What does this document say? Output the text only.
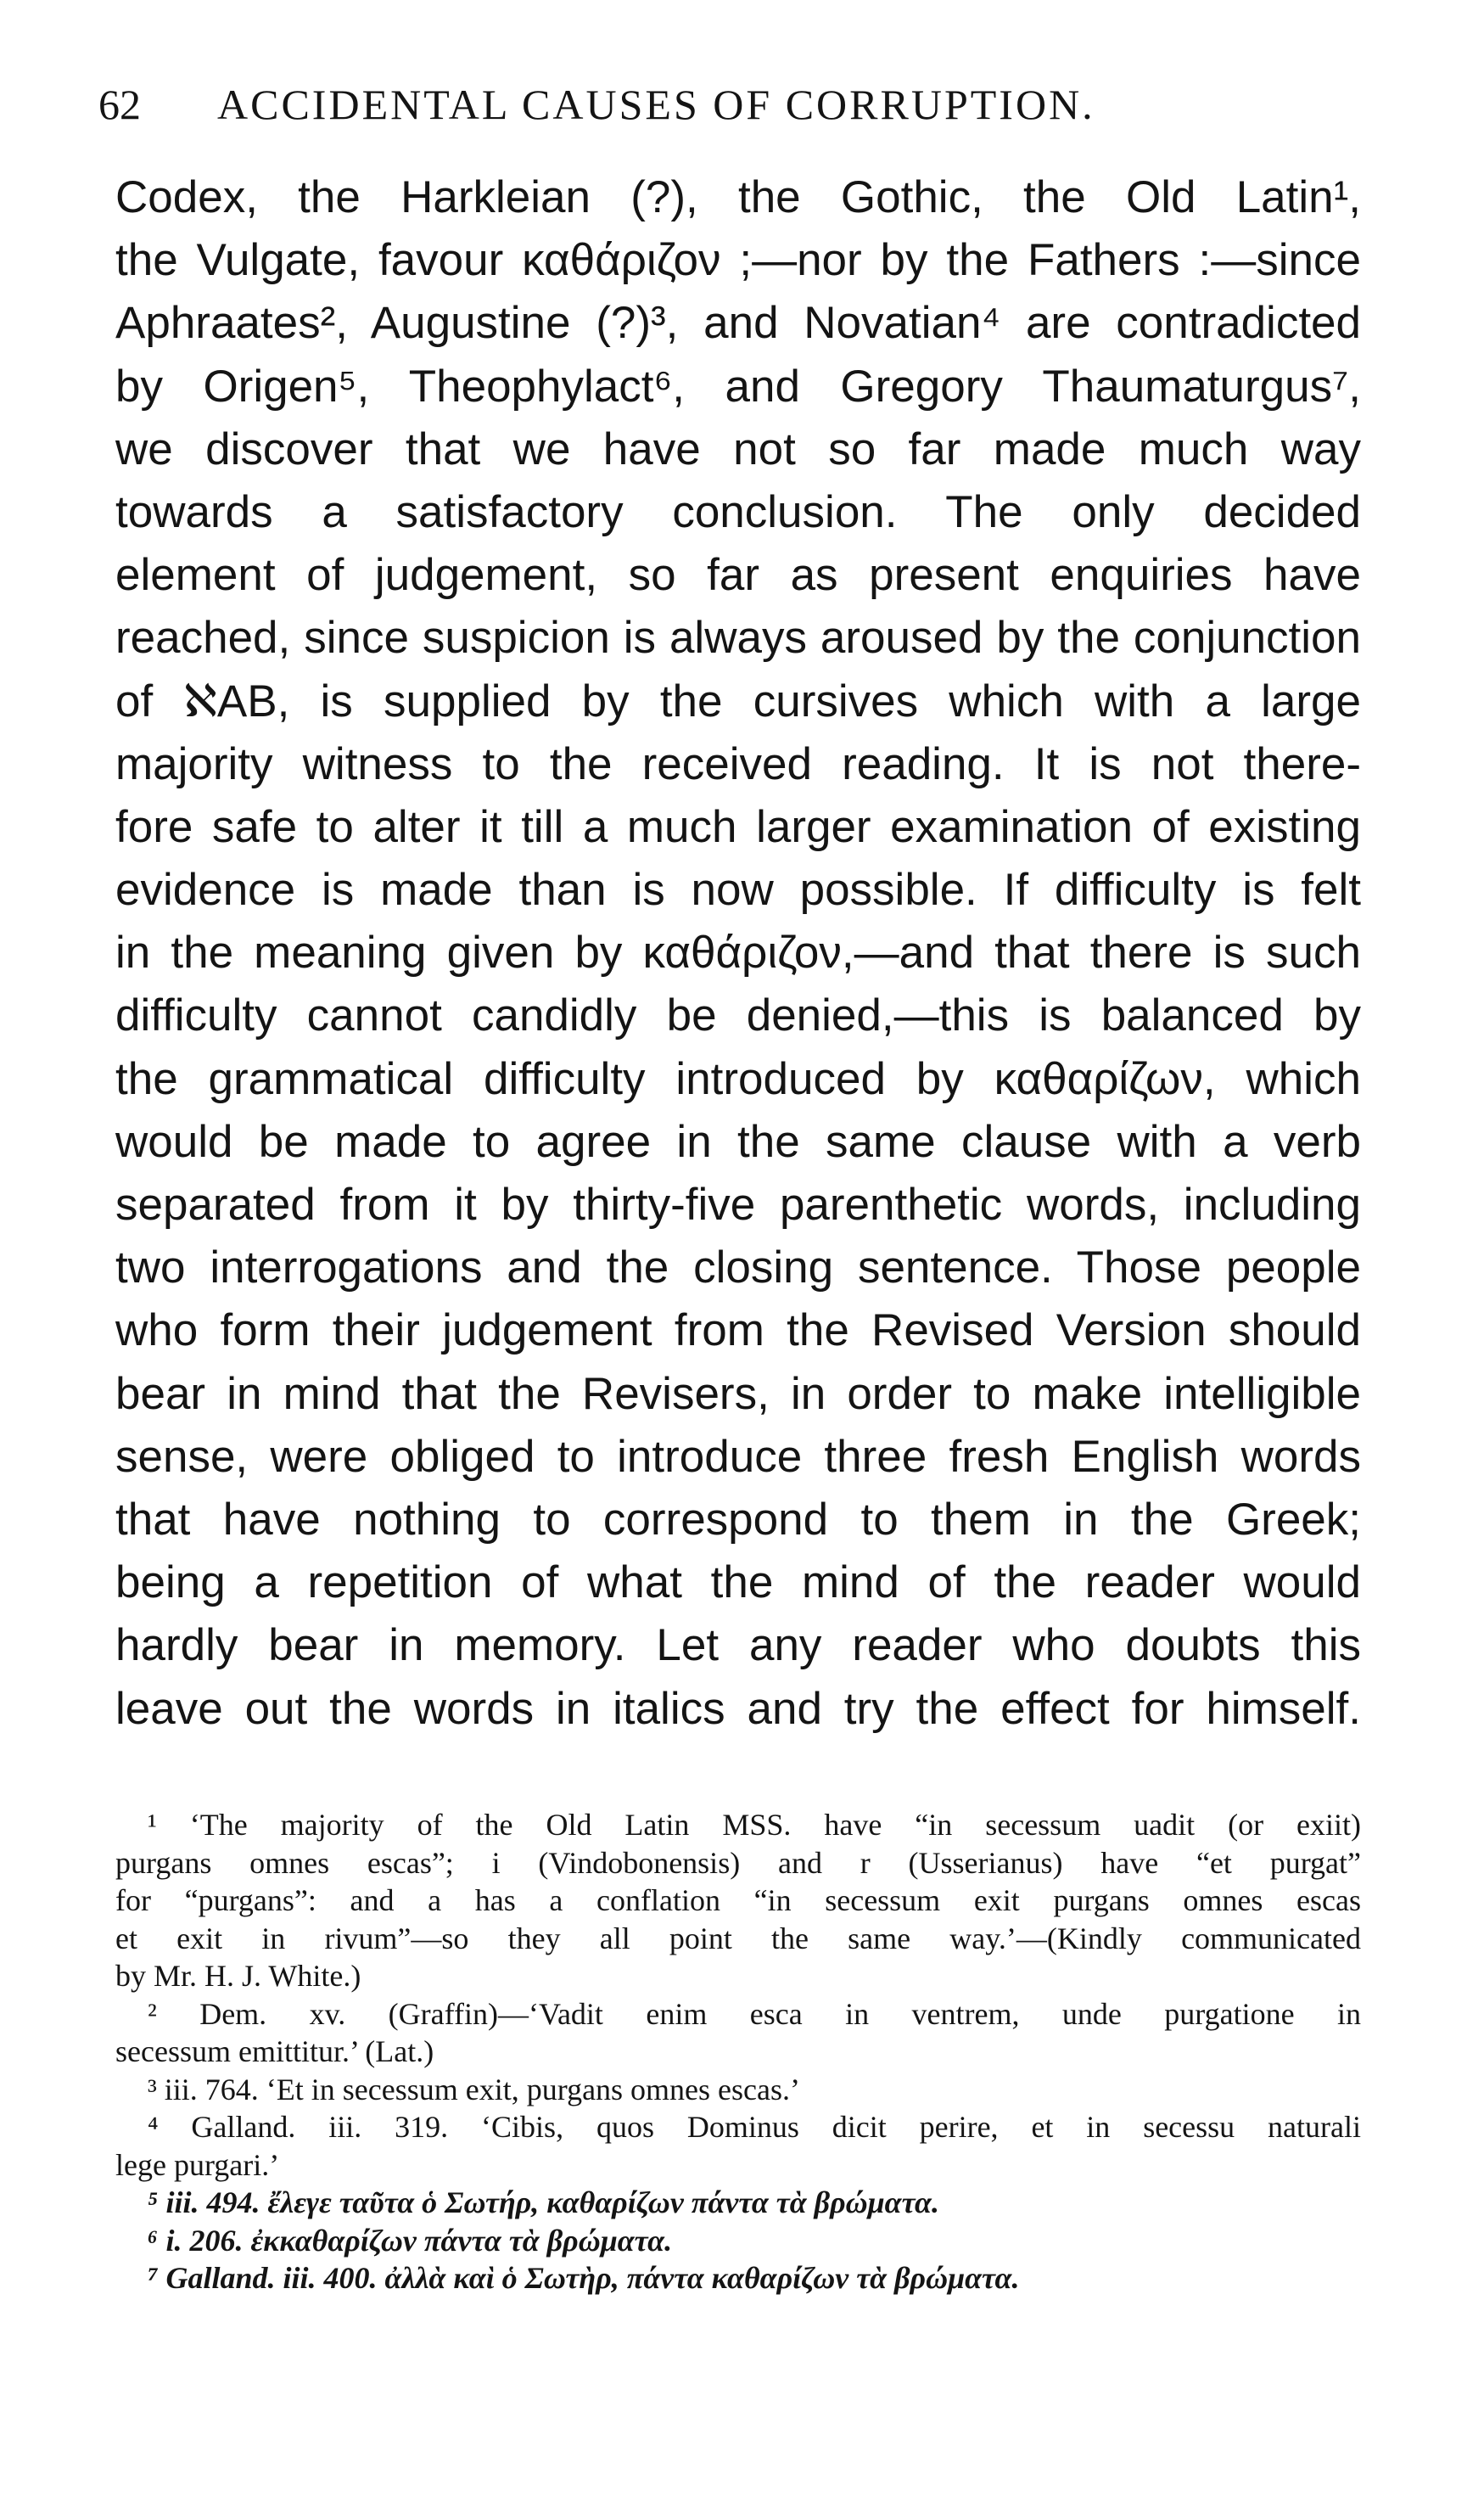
62 ACCIDENTAL CAUSES OF CORRUPTION.
Codex, the Harkleian (?), the Gothic, the Old Latin¹,
the Vulgate, favour καθάριζον ;—nor by the Fathers :—since
Aphraates², Augustine (?)³, and Novatian⁴ are contradicted
by Origen⁵, Theophylact⁶, and Gregory Thaumaturgus⁷,
we discover that we have not so far made much way
towards a satisfactory conclusion. The only decided
element of judgement, so far as present enquiries have
reached, since suspicion is always aroused by the conjunction
of ℵAB, is supplied by the cursives which with a large
majority witness to the received reading. It is not there-
fore safe to alter it till a much larger examination of existing
evidence is made than is now possible. If difficulty is felt
in the meaning given by καθάριζον,—and that there is such
difficulty cannot candidly be denied,—this is balanced by
the grammatical difficulty introduced by καθαρίζων, which
would be made to agree in the same clause with a verb
separated from it by thirty-five parenthetic words, including
two interrogations and the closing sentence. Those people
who form their judgement from the Revised Version should
bear in mind that the Revisers, in order to make intelligible
sense, were obliged to introduce three fresh English words
that have nothing to correspond to them in the Greek;
being a repetition of what the mind of the reader would
hardly bear in memory. Let any reader who doubts this
leave out the words in italics and try the effect for himself.
¹ ‘The majority of the Old Latin MSS. have “in secessum uadit (or exiit)
purgans omnes escas”; i (Vindobonensis) and r (Usserianus) have “et purgat”
for “purgans”: and a has a conflation “in secessum exit purgans omnes escas
et exit in rivum”—so they all point the same way.’—(Kindly communicated
by Mr. H. J. White.)
² Dem. xv. (Graffin)—‘Vadit enim esca in ventrem, unde purgatione in
secessum emittitur.’ (Lat.)
³ iii. 764. ‘Et in secessum exit, purgans omnes escas.’
⁴ Galland. iii. 319. ‘Cibis, quos Dominus dicit perire, et in secessu naturali
lege purgari.’
⁵ iii. 494. ἔλεγε ταῦτα ὁ Σωτήρ, καθαρίζων πάντα τὰ βρώματα.
⁶ i. 206. ἐκκαθαρίζων πάντα τὰ βρώματα.
⁷ Galland. iii. 400. ἀλλὰ καὶ ὁ Σωτὴρ, πάντα καθαρίζων τὰ βρώματα.
